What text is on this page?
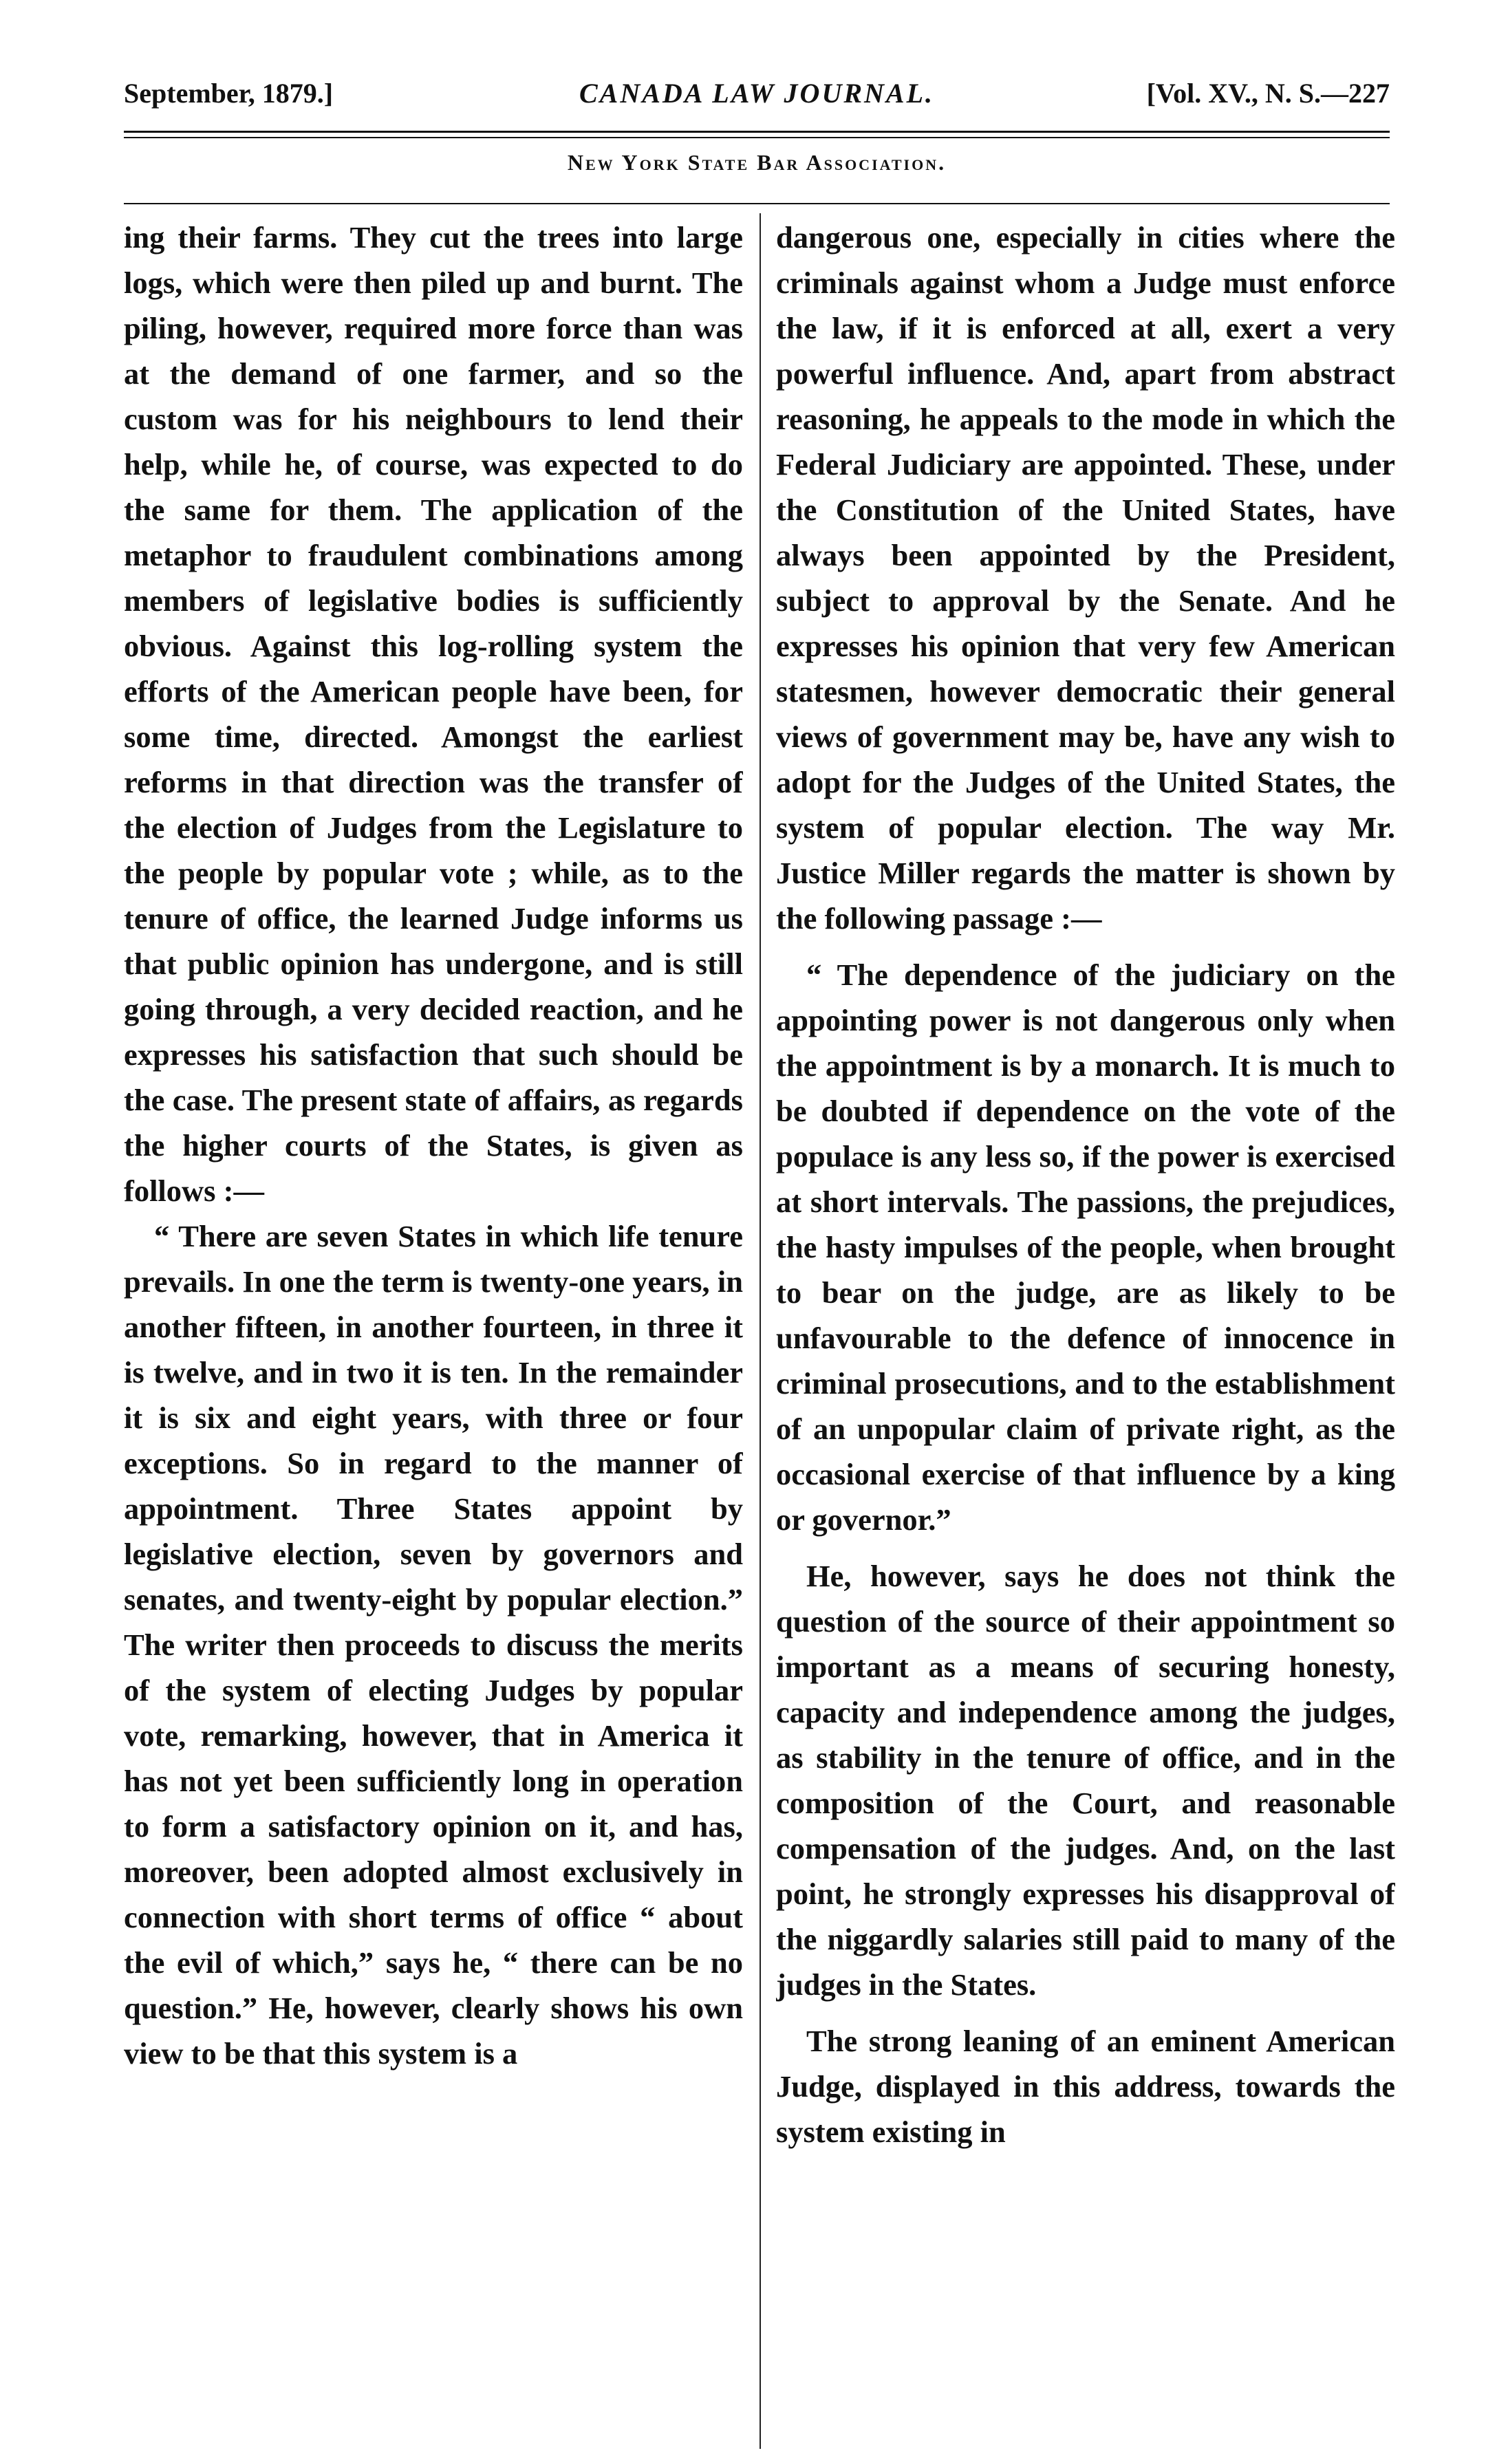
September, 1879.]	CANADA LAW JOURNAL.	[Vol. XV., N. S.—227
New York State Bar Association.

ing their farms. They cut the trees into large logs, which were then piled up and burnt. The piling, however, required more force than was at the demand of one farmer, and so the custom was for his neighbours to lend their help, while he, of course, was expected to do the same for them. The application of the metaphor to fraudulent combinations among members of legislative bodies is sufficiently obvious. Against this log-rolling system the efforts of the American people have been, for some time, directed. Amongst the earliest reforms in that direction was the transfer of the election of Judges from the Legislature to the people by popular vote ; while, as to the tenure of office, the learned Judge informs us that public opinion has undergone, and is still going through, a very decided reaction, and he expresses his satisfaction that such should be the case. The present state of affairs, as regards the higher courts of the States, is given as follows :—

“ There are seven States in which life tenure prevails. In one the term is twenty-one years, in another fifteen, in another fourteen, in three it is twelve, and in two it is ten. In the remainder it is six and eight years, with three or four exceptions. So in regard to the manner of appointment. Three States appoint by legislative election, seven by governors and senates, and twenty-eight by popular election.” The writer then proceeds to discuss the merits of the system of electing Judges by popular vote, remarking, however, that in America it has not yet been sufficiently long in operation to form a satisfactory opinion on it, and has, moreover, been adopted almost exclusively in connection with short terms of office “ about the evil of which,” says he, “ there can be no question.” He, however, clearly shows his own view to be that this system is a

dangerous one, especially in cities where the criminals against whom a Judge must enforce the law, if it is enforced at all, exert a very powerful influence. And, apart from abstract reasoning, he appeals to the mode in which the Federal Judiciary are appointed. These, under the Constitution of the United States, have always been appointed by the President, subject to approval by the Senate. And he expresses his opinion that very few American statesmen, however democratic their general views of government may be, have any wish to adopt for the Judges of the United States, the system of popular election. The way Mr. Justice Miller regards the matter is shown by the following passage :—

“ The dependence of the judiciary on the appointing power is not dangerous only when the appointment is by a monarch. It is much to be doubted if dependence on the vote of the populace is any less so, if the power is exercised at short intervals. The passions, the prejudices, the hasty impulses of the people, when brought to bear on the judge, are as likely to be unfavourable to the defence of innocence in criminal prosecutions, and to the establishment of an unpopular claim of private right, as the occasional exercise of that influence by a king or governor.”

He, however, says he does not think the question of the source of their appointment so important as a means of securing honesty, capacity and independence among the judges, as stability in the tenure of office, and in the composition of the Court, and reasonable compensation of the judges. And, on the last point, he strongly expresses his disapproval of the niggardly salaries still paid to many of the judges in the States.

The strong leaning of an eminent American Judge, displayed in this address, towards the system existing in
